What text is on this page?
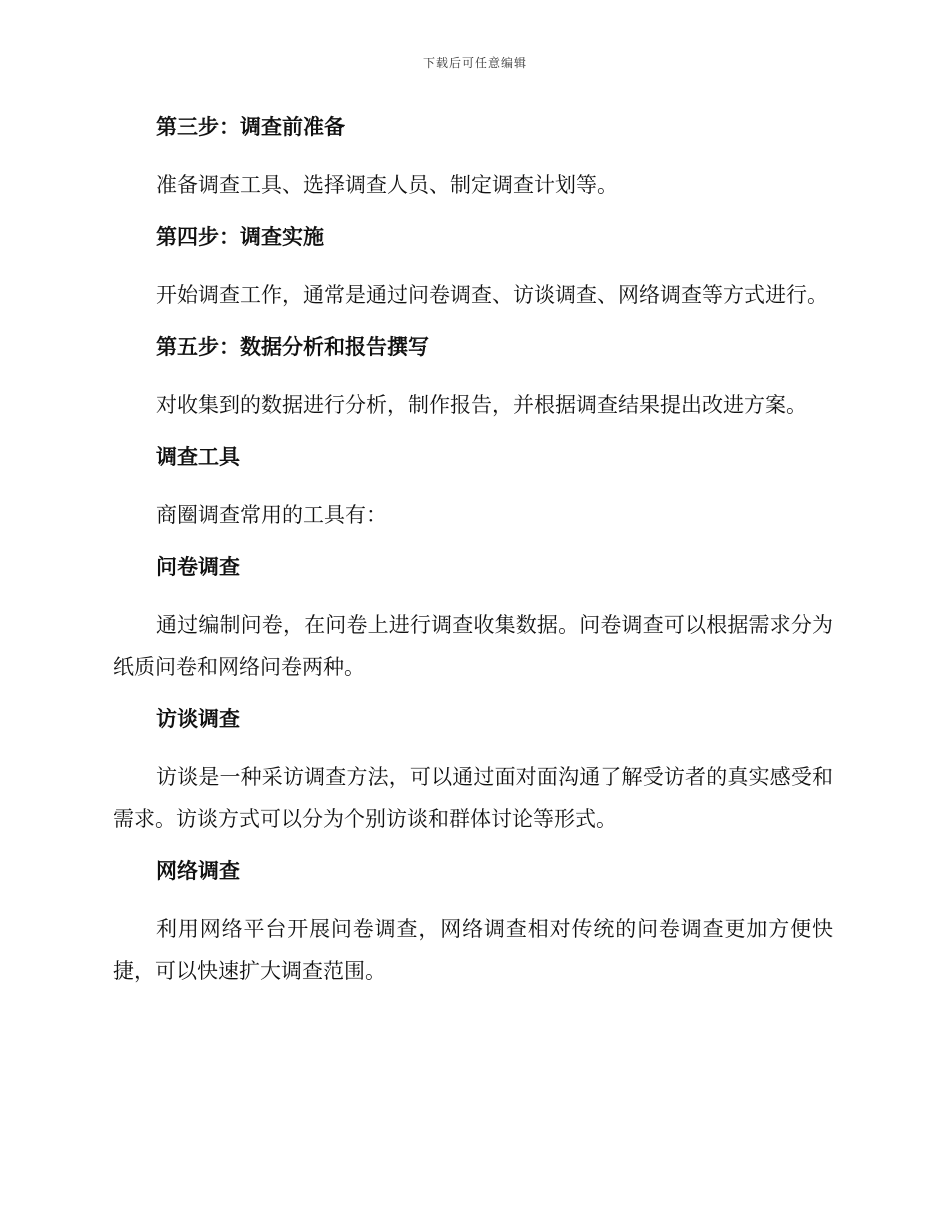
下载后可任意编辑
第三步：调查前准备
准备调查工具、选择调查人员、制定调查计划等。
第四步：调查实施
开始调查工作，通常是通过问卷调查、访谈调查、网络调查等方式进行。
第五步：数据分析和报告撰写
对收集到的数据进行分析，制作报告，并根据调查结果提出改进方案。
调查工具
商圈调查常用的工具有：
问卷调查
通过编制问卷，在问卷上进行调查收集数据。问卷调查可以根据需求分为纸质问卷和网络问卷两种。
访谈调查
访谈是一种采访调查方法，可以通过面对面沟通了解受访者的真实感受和需求。访谈方式可以分为个别访谈和群体讨论等形式。
网络调查
利用网络平台开展问卷调查，网络调查相对传统的问卷调查更加方便快捷，可以快速扩大调查范围。
